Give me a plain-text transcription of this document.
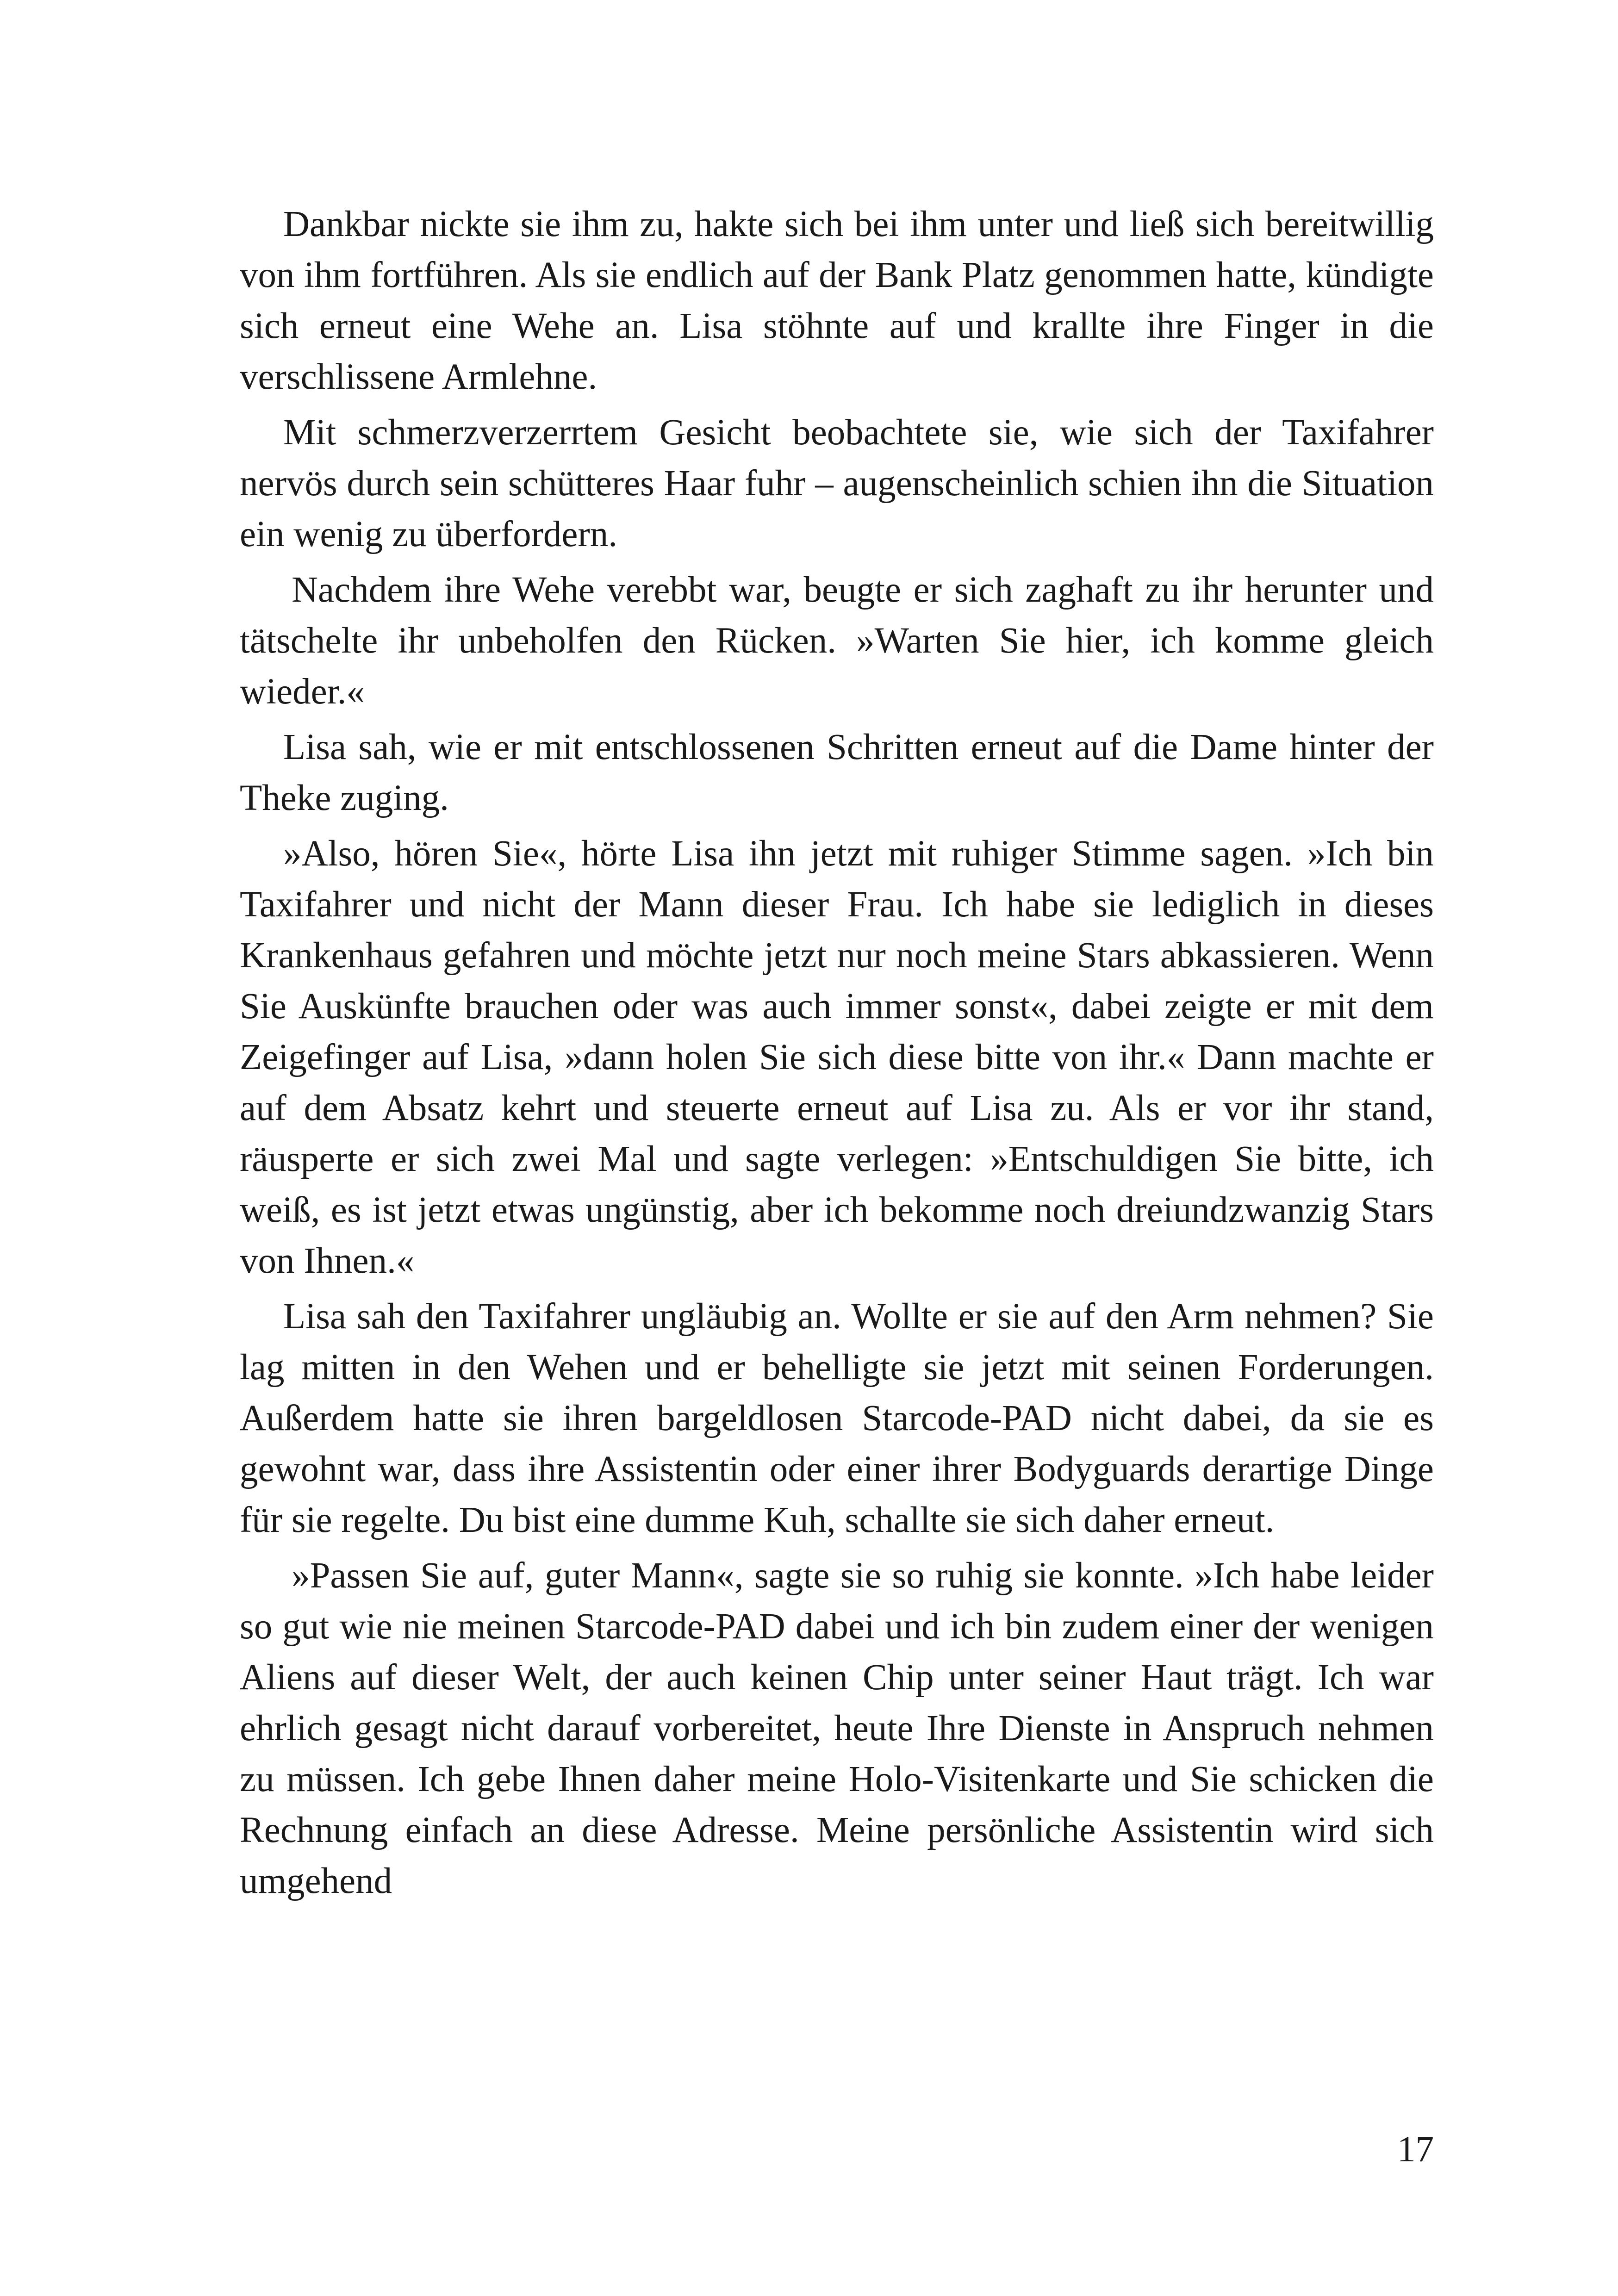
Dankbar nickte sie ihm zu, hakte sich bei ihm unter und ließ sich bereitwillig von ihm fortführen. Als sie endlich auf der Bank Platz genommen hatte, kündigte sich erneut eine Wehe an. Lisa stöhnte auf und krallte ihre Finger in die verschlissene Armlehne.

Mit schmerzverzerrtem Gesicht beobachtete sie, wie sich der Taxifahrer nervös durch sein schütteres Haar fuhr – augenscheinlich schien ihn die Situation ein wenig zu überfordern.

Nachdem ihre Wehe verebbt war, beugte er sich zaghaft zu ihr herunter und tätschelte ihr unbeholfen den Rücken. »Warten Sie hier, ich komme gleich wieder.«

Lisa sah, wie er mit entschlossenen Schritten erneut auf die Dame hinter der Theke zuging.

»Also, hören Sie«, hörte Lisa ihn jetzt mit ruhiger Stimme sagen. »Ich bin Taxifahrer und nicht der Mann dieser Frau. Ich habe sie lediglich in dieses Krankenhaus gefahren und möchte jetzt nur noch meine Stars abkassieren. Wenn Sie Auskünfte brauchen oder was auch immer sonst«, dabei zeigte er mit dem Zeigefinger auf Lisa, »dann holen Sie sich diese bitte von ihr.« Dann machte er auf dem Absatz kehrt und steuerte erneut auf Lisa zu. Als er vor ihr stand, räusperte er sich zwei Mal und sagte verlegen: »Entschuldigen Sie bitte, ich weiß, es ist jetzt etwas ungünstig, aber ich bekomme noch dreiundzwanzig Stars von Ihnen.«

Lisa sah den Taxifahrer ungläubig an. Wollte er sie auf den Arm nehmen? Sie lag mitten in den Wehen und er behelligte sie jetzt mit seinen Forderungen. Außerdem hatte sie ihren bargeldlosen Starcode-PAD nicht dabei, da sie es gewohnt war, dass ihre Assistentin oder einer ihrer Bodyguards derartige Dinge für sie regelte. Du bist eine dumme Kuh, schallte sie sich daher erneut.

»Passen Sie auf, guter Mann«, sagte sie so ruhig sie konnte. »Ich habe leider so gut wie nie meinen Starcode-PAD dabei und ich bin zudem einer der wenigen Aliens auf dieser Welt, der auch keinen Chip unter seiner Haut trägt. Ich war ehrlich gesagt nicht darauf vorbereitet, heute Ihre Dienste in Anspruch nehmen zu müssen. Ich gebe Ihnen daher meine Holo-Visitenkarte und Sie schicken die Rechnung einfach an diese Adresse. Meine persönliche Assistentin wird sich umgehend

17
